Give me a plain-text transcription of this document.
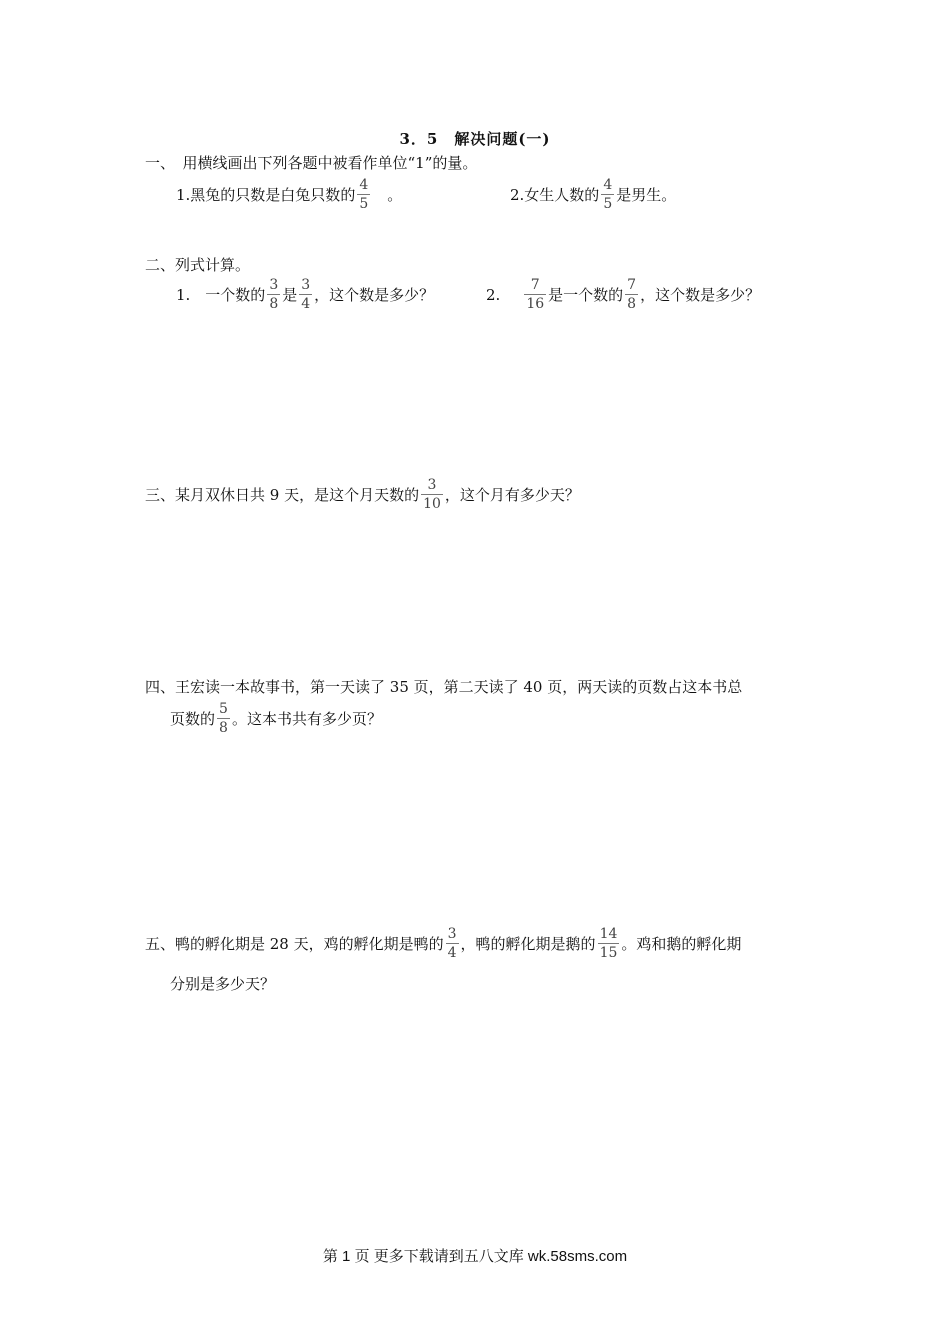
3．5　解决问题(一)
一、　用横线画出下列各题中被看作单位“1”的量。
1.黑兔的只数是白兔只数的 $\frac{4}{5}$ 　。	2.女生人数的 $\frac{4}{5}$ 是男生。
二、列式计算。
1.　一个数的 $\frac{3}{8}$ 是 $\frac{3}{4}$ ，这个数是多少？	2. $\frac{7}{16}$ 是一个数的 $\frac{7}{8}$ ，这个数是多少？
三、某月双休日共 9 天，是这个月天数的 $\frac{3}{10}$ ，这个月有多少天？
四、王宏读一本故事书，第一天读了 35 页，第二天读了 40 页，两天读的页数占这本书总
页数的 $\frac{5}{8}$ 。这本书共有多少页？
五、鸭的孵化期是 28 天，鸡的孵化期是鸭的 $\frac{3}{4}$ ，鸭的孵化期是鹅的 $\frac{14}{15}$ 。鸡和鹅的孵化期
分别是多少天？
第 1 页 更多下载请到五八文库 wk.58sms.com
